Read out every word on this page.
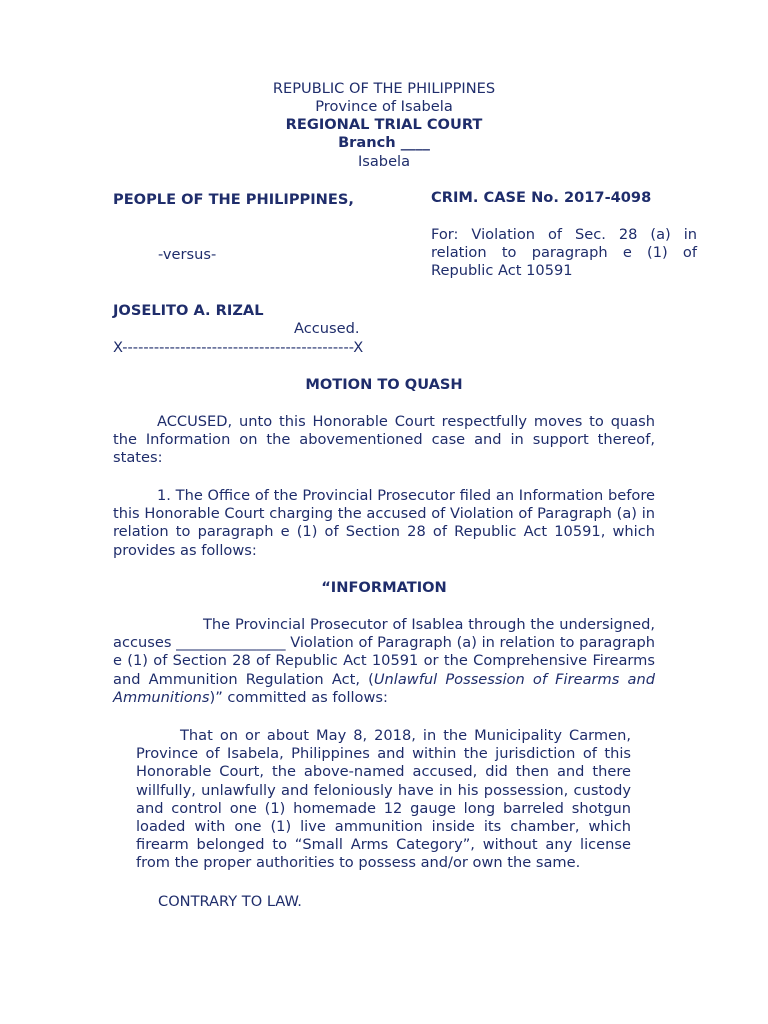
REPUBLIC OF THE PHILIPPINES
Province of Isabela
REGIONAL TRIAL COURT
Branch ____
Isabela
PEOPLE OF THE PHILIPPINES,	CRIM. CASE No. 2017-4098
For: Violation of Sec. 28 (a) in relation to paragraph e (1) of Republic Act 10591
-versus-
JOSELITO A. RIZAL
Accused.
X--------------------------------------------X
MOTION TO QUASH
ACCUSED, unto this Honorable Court respectfully moves to quash the Information on the abovementioned case and in support thereof, states:
1. The Office of the Provincial Prosecutor filed an Information before this Honorable Court charging the accused of Violation of Paragraph (a) in relation to paragraph e (1) of Section 28 of Republic Act 10591, which provides as follows:
“INFORMATION
The Provincial Prosecutor of Isablea through the undersigned, accuses _______________ Violation of Paragraph (a) in relation to paragraph e (1) of Section 28 of Republic Act 10591 or the Comprehensive Firearms and Ammunition Regulation Act, (Unlawful Possession of Firearms and Ammunitions)” committed as follows:
That on or about May 8, 2018, in the Municipality Carmen, Province of Isabela, Philippines and within the jurisdiction of this Honorable Court, the above-named accused, did then and there willfully, unlawfully and feloniously have in his possession, custody and control one (1) homemade 12 gauge long barreled shotgun loaded with one (1) live ammunition inside its chamber, which firearm belonged to “Small Arms Category”, without any license from the proper authorities to possess and/or own the same.
CONTRARY TO LAW.
